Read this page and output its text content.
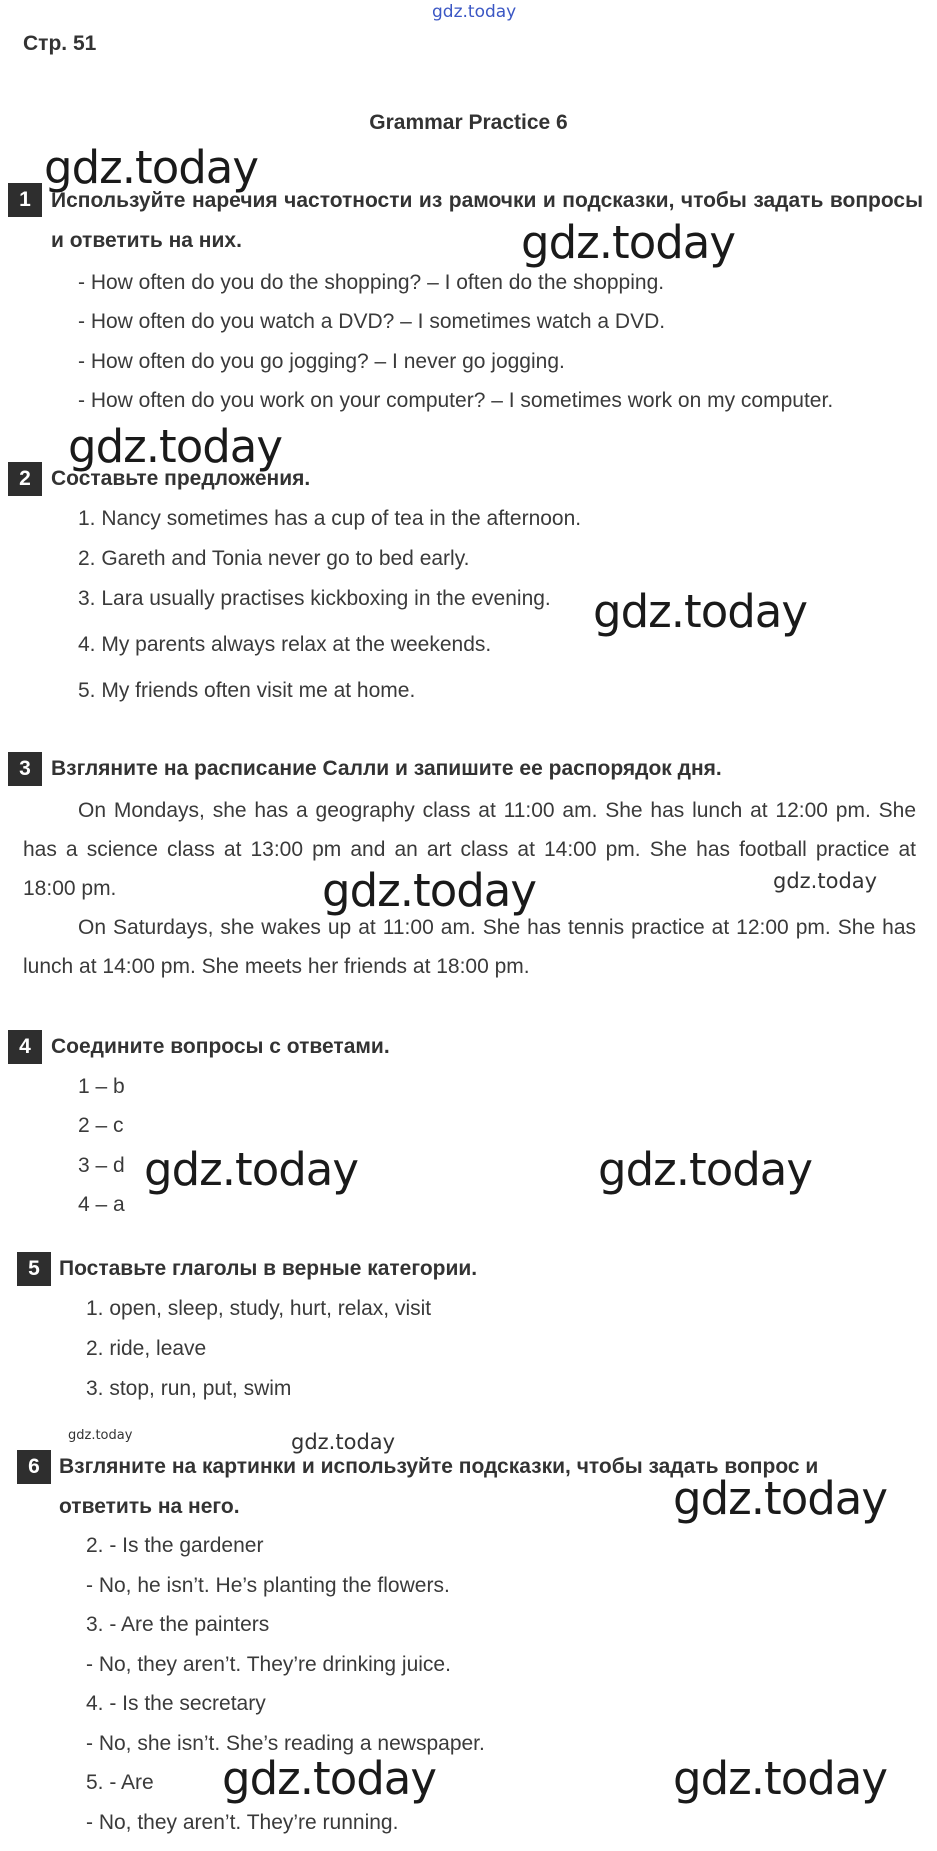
gdz.today
Стр. 51
Grammar Practice 6
1 Используйте наречия частотности из рамочки и подсказки, чтобы задать вопросы и ответить на них.
- How often do you do the shopping? – I often do the shopping.
- How often do you watch a DVD? – I sometimes watch a DVD.
- How often do you go jogging? – I never go jogging.
- How often do you work on your computer? – I sometimes work on my computer.
2 Составьте предложения.
1. Nancy sometimes has a cup of tea in the afternoon.
2. Gareth and Tonia never go to bed early.
3. Lara usually practises kickboxing in the evening.
4. My parents always relax at the weekends.
5. My friends often visit me at home.
3 Взгляните на расписание Салли и запишите ее распорядок дня.

On Mondays, she has a geography class at 11:00 am. She has lunch at 12:00 pm. She has a science class at 13:00 pm and an art class at 14:00 pm. She has football practice at 18:00 pm.

On Saturdays, she wakes up at 11:00 am. She has tennis practice at 12:00 pm. She has lunch at 14:00 pm. She meets her friends at 18:00 pm.

4 Соедините вопросы с ответами.
1 – b
2 – c
3 – d
4 – a
5 Поставьте глаголы в верные категории.
1. open, sleep, study, hurt, relax, visit
2. ride, leave
3. stop, run, put, swim
6 Взгляните на картинки и используйте подсказки, чтобы задать вопрос и
ответить на него.
2. - Is the gardener
- No, he isn’t. He’s planting the flowers.
3. - Are the painters
- No, they aren’t. They’re drinking juice.
4. - Is the secretary
- No, she isn’t. She’s reading a newspaper.
5. - Are
- No, they aren’t. They’re running.
gdz.today
gdz.today
gdz.today
gdz.today
gdz.today	gdz.today
gdz.today	gdz.today
gdz.today	gdz.today
gdz.today
gdz.today	gdz.today
